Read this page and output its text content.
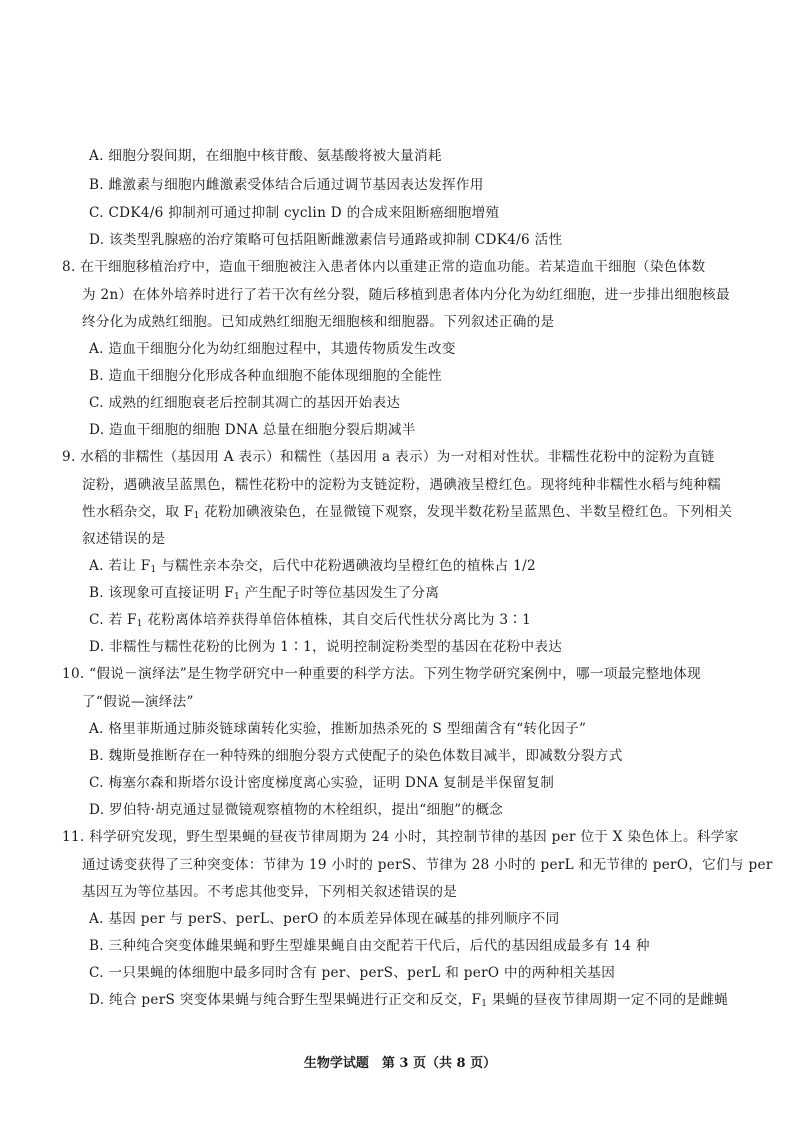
生物学试题　第 3 页（共 8 页）
A. 细胞分裂间期，在细胞中核苷酸、氨基酸将被大量消耗
B. 雌激素与细胞内雌激素受体结合后通过调节基因表达发挥作用
C. CDK4/6 抑制剂可通过抑制 cyclin D 的合成来阻断癌细胞增殖
D. 该类型乳腺癌的治疗策略可包括阻断雌激素信号通路或抑制 CDK4/6 活性
8. 在干细胞移植治疗中，造血干细胞被注入患者体内以重建正常的造血功能。若某造血干细胞（染色体数
为 2n）在体外培养时进行了若干次有丝分裂，随后移植到患者体内分化为幼红细胞，进一步排出细胞核最
终分化为成熟红细胞。已知成熟红细胞无细胞核和细胞器。下列叙述正确的是
A. 造血干细胞分化为幼红细胞过程中，其遗传物质发生改变
B. 造血干细胞分化形成各种血细胞不能体现细胞的全能性
C. 成熟的红细胞衰老后控制其凋亡的基因开始表达
D. 造血干细胞的细胞 DNA 总量在细胞分裂后期减半
9. 水稻的非糯性（基因用 A 表示）和糯性（基因用 a 表示）为一对相对性状。非糯性花粉中的淀粉为直链
淀粉，遇碘液呈蓝黑色，糯性花粉中的淀粉为支链淀粉，遇碘液呈橙红色。现将纯种非糯性水稻与纯种糯
性水稻杂交，取 $F_1$ 花粉加碘液染色，在显微镜下观察，发现半数花粉呈蓝黑色、半数呈橙红色。下列相关
叙述错误的是
A. 若让 $F_1$ 与糯性亲本杂交，后代中花粉遇碘液均呈橙红色的植株占 1/2
B. 该现象可直接证明 $F_1$ 产生配子时等位基因发生了分离
C. 若 $F_1$ 花粉离体培养获得单倍体植株，其自交后代性状分离比为 3∶1
D. 非糯性与糯性花粉的比例为 1∶1，说明控制淀粉类型的基因在花粉中表达
10. “假说－演绎法”是生物学研究中一种重要的科学方法。下列生物学研究案例中，哪一项最完整地体现
了“假说—演绎法”
A. 格里菲斯通过肺炎链球菌转化实验，推断加热杀死的 S 型细菌含有“转化因子”
B. 魏斯曼推断存在一种特殊的细胞分裂方式使配子的染色体数目减半，即减数分裂方式
C. 梅塞尔森和斯塔尔设计密度梯度离心实验，证明 DNA 复制是半保留复制
D. 罗伯特·胡克通过显微镜观察植物的木栓组织，提出“细胞”的概念
11. 科学研究发现，野生型果蝇的昼夜节律周期为 24 小时，其控制节律的基因 per 位于 X 染色体上。科学家
通过诱变获得了三种突变体：节律为 19 小时的 perS、节律为 28 小时的 perL 和无节律的 perO，它们与 per
基因互为等位基因。不考虑其他变异，下列相关叙述错误的是
A. 基因 per 与 perS、perL、perO 的本质差异体现在碱基的排列顺序不同
B. 三种纯合突变体雌果蝇和野生型雄果蝇自由交配若干代后，后代的基因组成最多有 14 种
C. 一只果蝇的体细胞中最多同时含有 per、perS、perL 和 perO 中的两种相关基因
D. 纯合 perS 突变体果蝇与纯合野生型果蝇进行正交和反交，$F_1$ 果蝇的昼夜节律周期一定不同的是雌蝇
